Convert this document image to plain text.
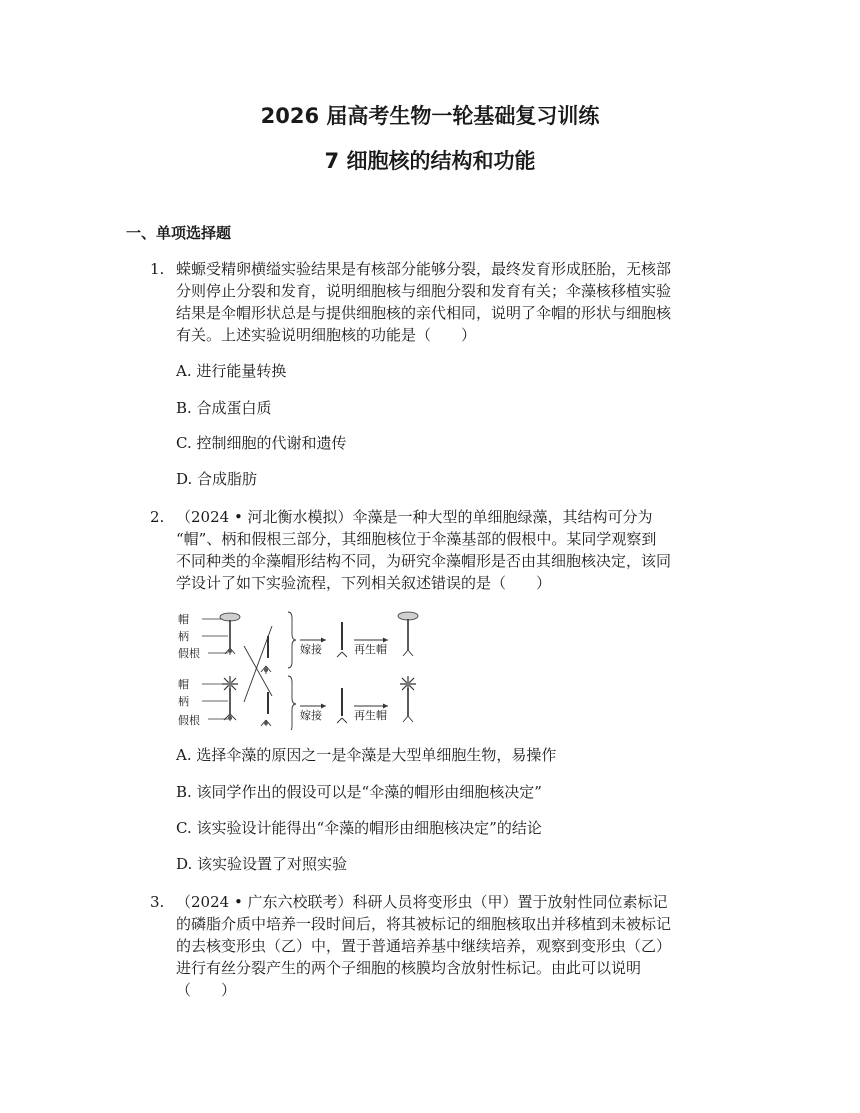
2026 届高考生物一轮基础复习训练
7 细胞核的结构和功能
一、单项选择题
1. 蝾螈受精卵横缢实验结果是有核部分能够分裂，最终发育形成胚胎，无核部
分则停止分裂和发育，说明细胞核与细胞分裂和发育有关；伞藻核移植实验
结果是伞帽形状总是与提供细胞核的亲代相同，说明了伞帽的形状与细胞核
有关。上述实验说明细胞核的功能是（　　）
A. 进行能量转换
B. 合成蛋白质
C. 控制细胞的代谢和遗传
D. 合成脂肪
2. （2024 • 河北衡水模拟）伞藻是一种大型的单细胞绿藻，其结构可分为
“帽”、柄和假根三部分，其细胞核位于伞藻基部的假根中。某同学观察到
不同种类的伞藻帽形结构不同，为研究伞藻帽形是否由其细胞核决定，该同
学设计了如下实验流程，下列相关叙述错误的是（　　）
帽
柄
假根
帽
柄
假根
嫁接	再生帽
嫁接	再生帽
A. 选择伞藻的原因之一是伞藻是大型单细胞生物，易操作
B. 该同学作出的假设可以是“伞藻的帽形由细胞核决定”
C. 该实验设计能得出“伞藻的帽形由细胞核决定”的结论
D. 该实验设置了对照实验
3. （2024 • 广东六校联考）科研人员将变形虫（甲）置于放射性同位素标记
的磷脂介质中培养一段时间后，将其被标记的细胞核取出并移植到未被标记
的去核变形虫（乙）中，置于普通培养基中继续培养，观察到变形虫（乙）
进行有丝分裂产生的两个子细胞的核膜均含放射性标记。由此可以说明
（　　）
